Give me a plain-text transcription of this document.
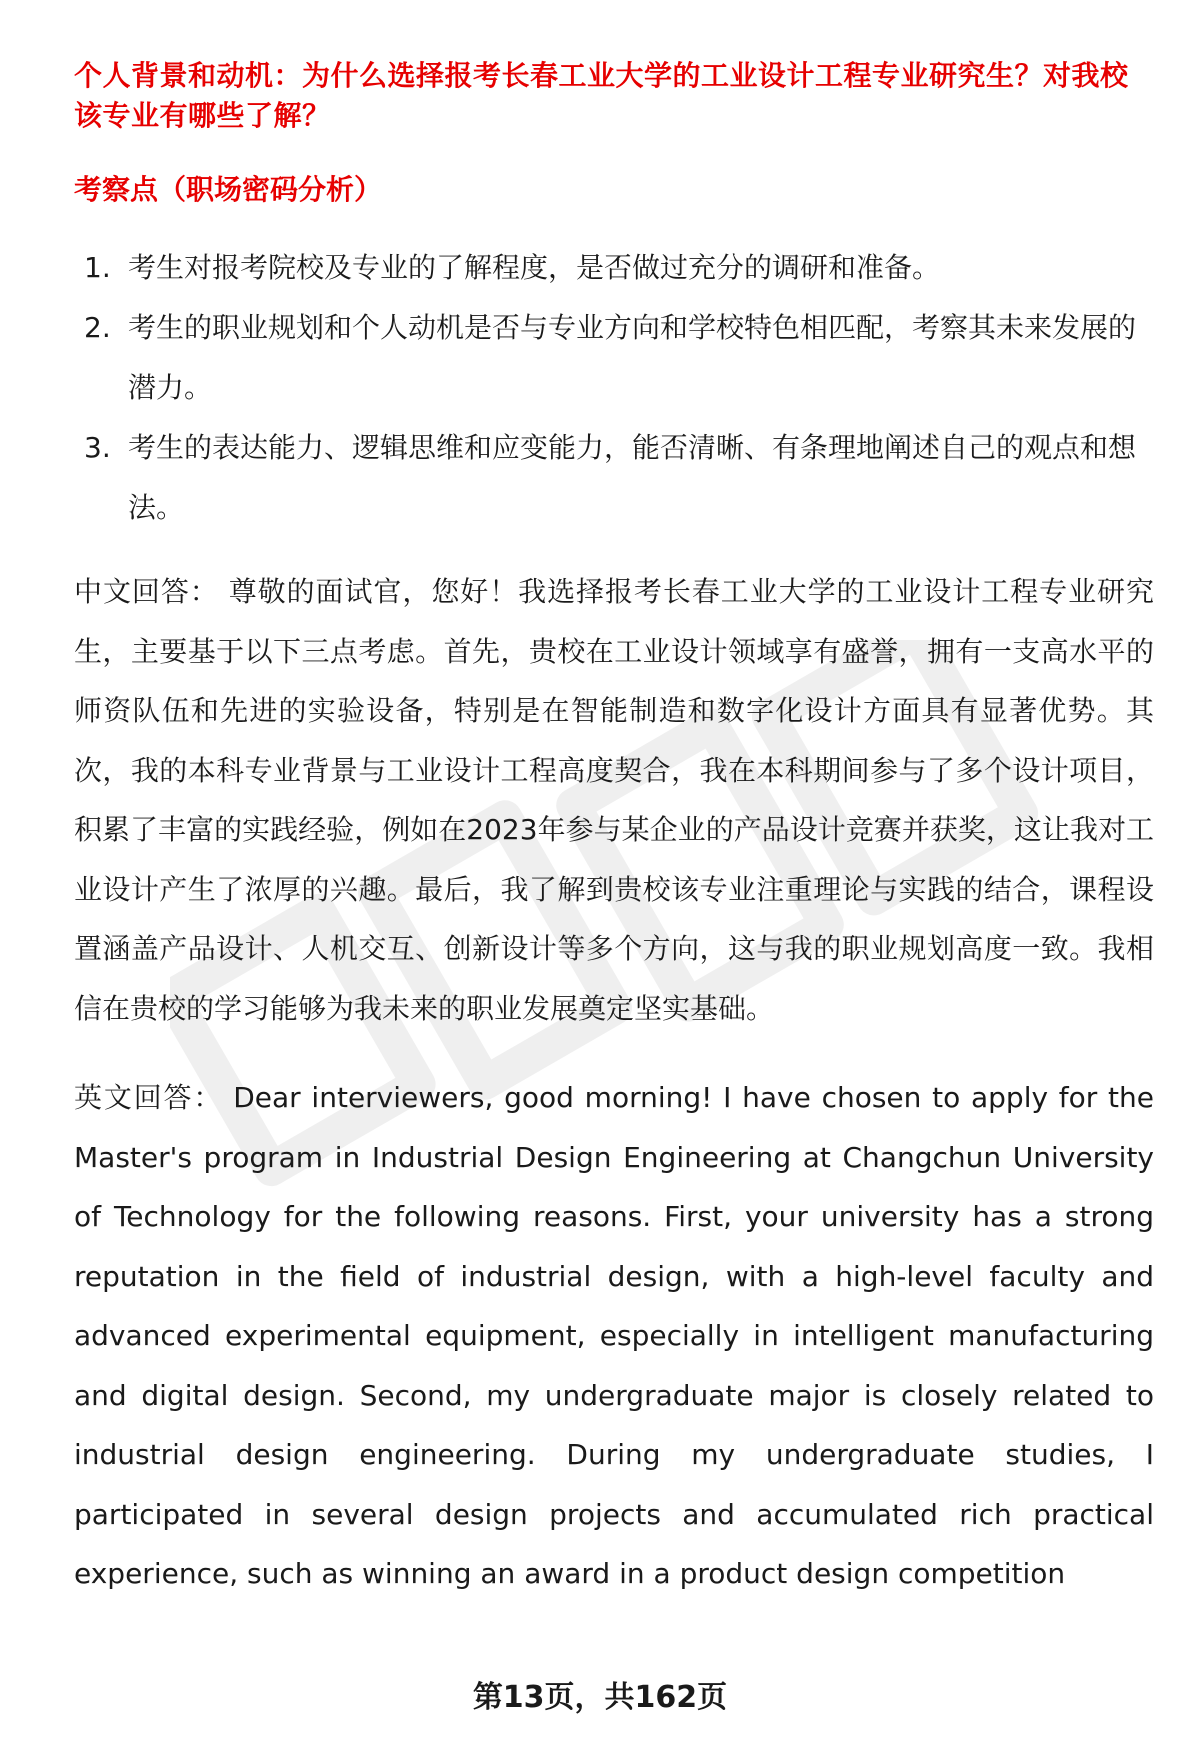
个人背景和动机：为什么选择报考长春工业大学的工业设计工程专业研究生？对我校该专业有哪些了解？
考察点（职场密码分析）
1. 考生对报考院校及专业的了解程度，是否做过充分的调研和准备。
2. 考生的职业规划和个人动机是否与专业方向和学校特色相匹配，考察其未来发展的潜力。
3. 考生的表达能力、逻辑思维和应变能力，能否清晰、有条理地阐述自己的观点和想法。

中文回答： 尊敬的面试官，您好！我选择报考长春工业大学的工业设计工程专业研究生，主要基于以下三点考虑。首先，贵校在工业设计领域享有盛誉，拥有一支高水平的师资队伍和先进的实验设备，特别是在智能制造和数字化设计方面具有显著优势。其次，我的本科专业背景与工业设计工程高度契合，我在本科期间参与了多个设计项目，积累了丰富的实践经验，例如在2023年参与某企业的产品设计竞赛并获奖，这让我对工业设计产生了浓厚的兴趣。最后，我了解到贵校该专业注重理论与实践的结合，课程设置涵盖产品设计、人机交互、创新设计等多个方向，这与我的职业规划高度一致。我相信在贵校的学习能够为我未来的职业发展奠定坚实基础。

英文回答： Dear interviewers, good morning! I have chosen to apply for the Master's program in Industrial Design Engineering at Changchun University of Technology for the following reasons. First, your university has a strong reputation in the field of industrial design, with a high-level faculty and advanced experimental equipment, especially in intelligent manufacturing and digital design. Second, my undergraduate major is closely related to industrial design engineering. During my undergraduate studies, I participated in several design projects and accumulated rich practical experience, such as winning an award in a product design competition

第13页，共162页
